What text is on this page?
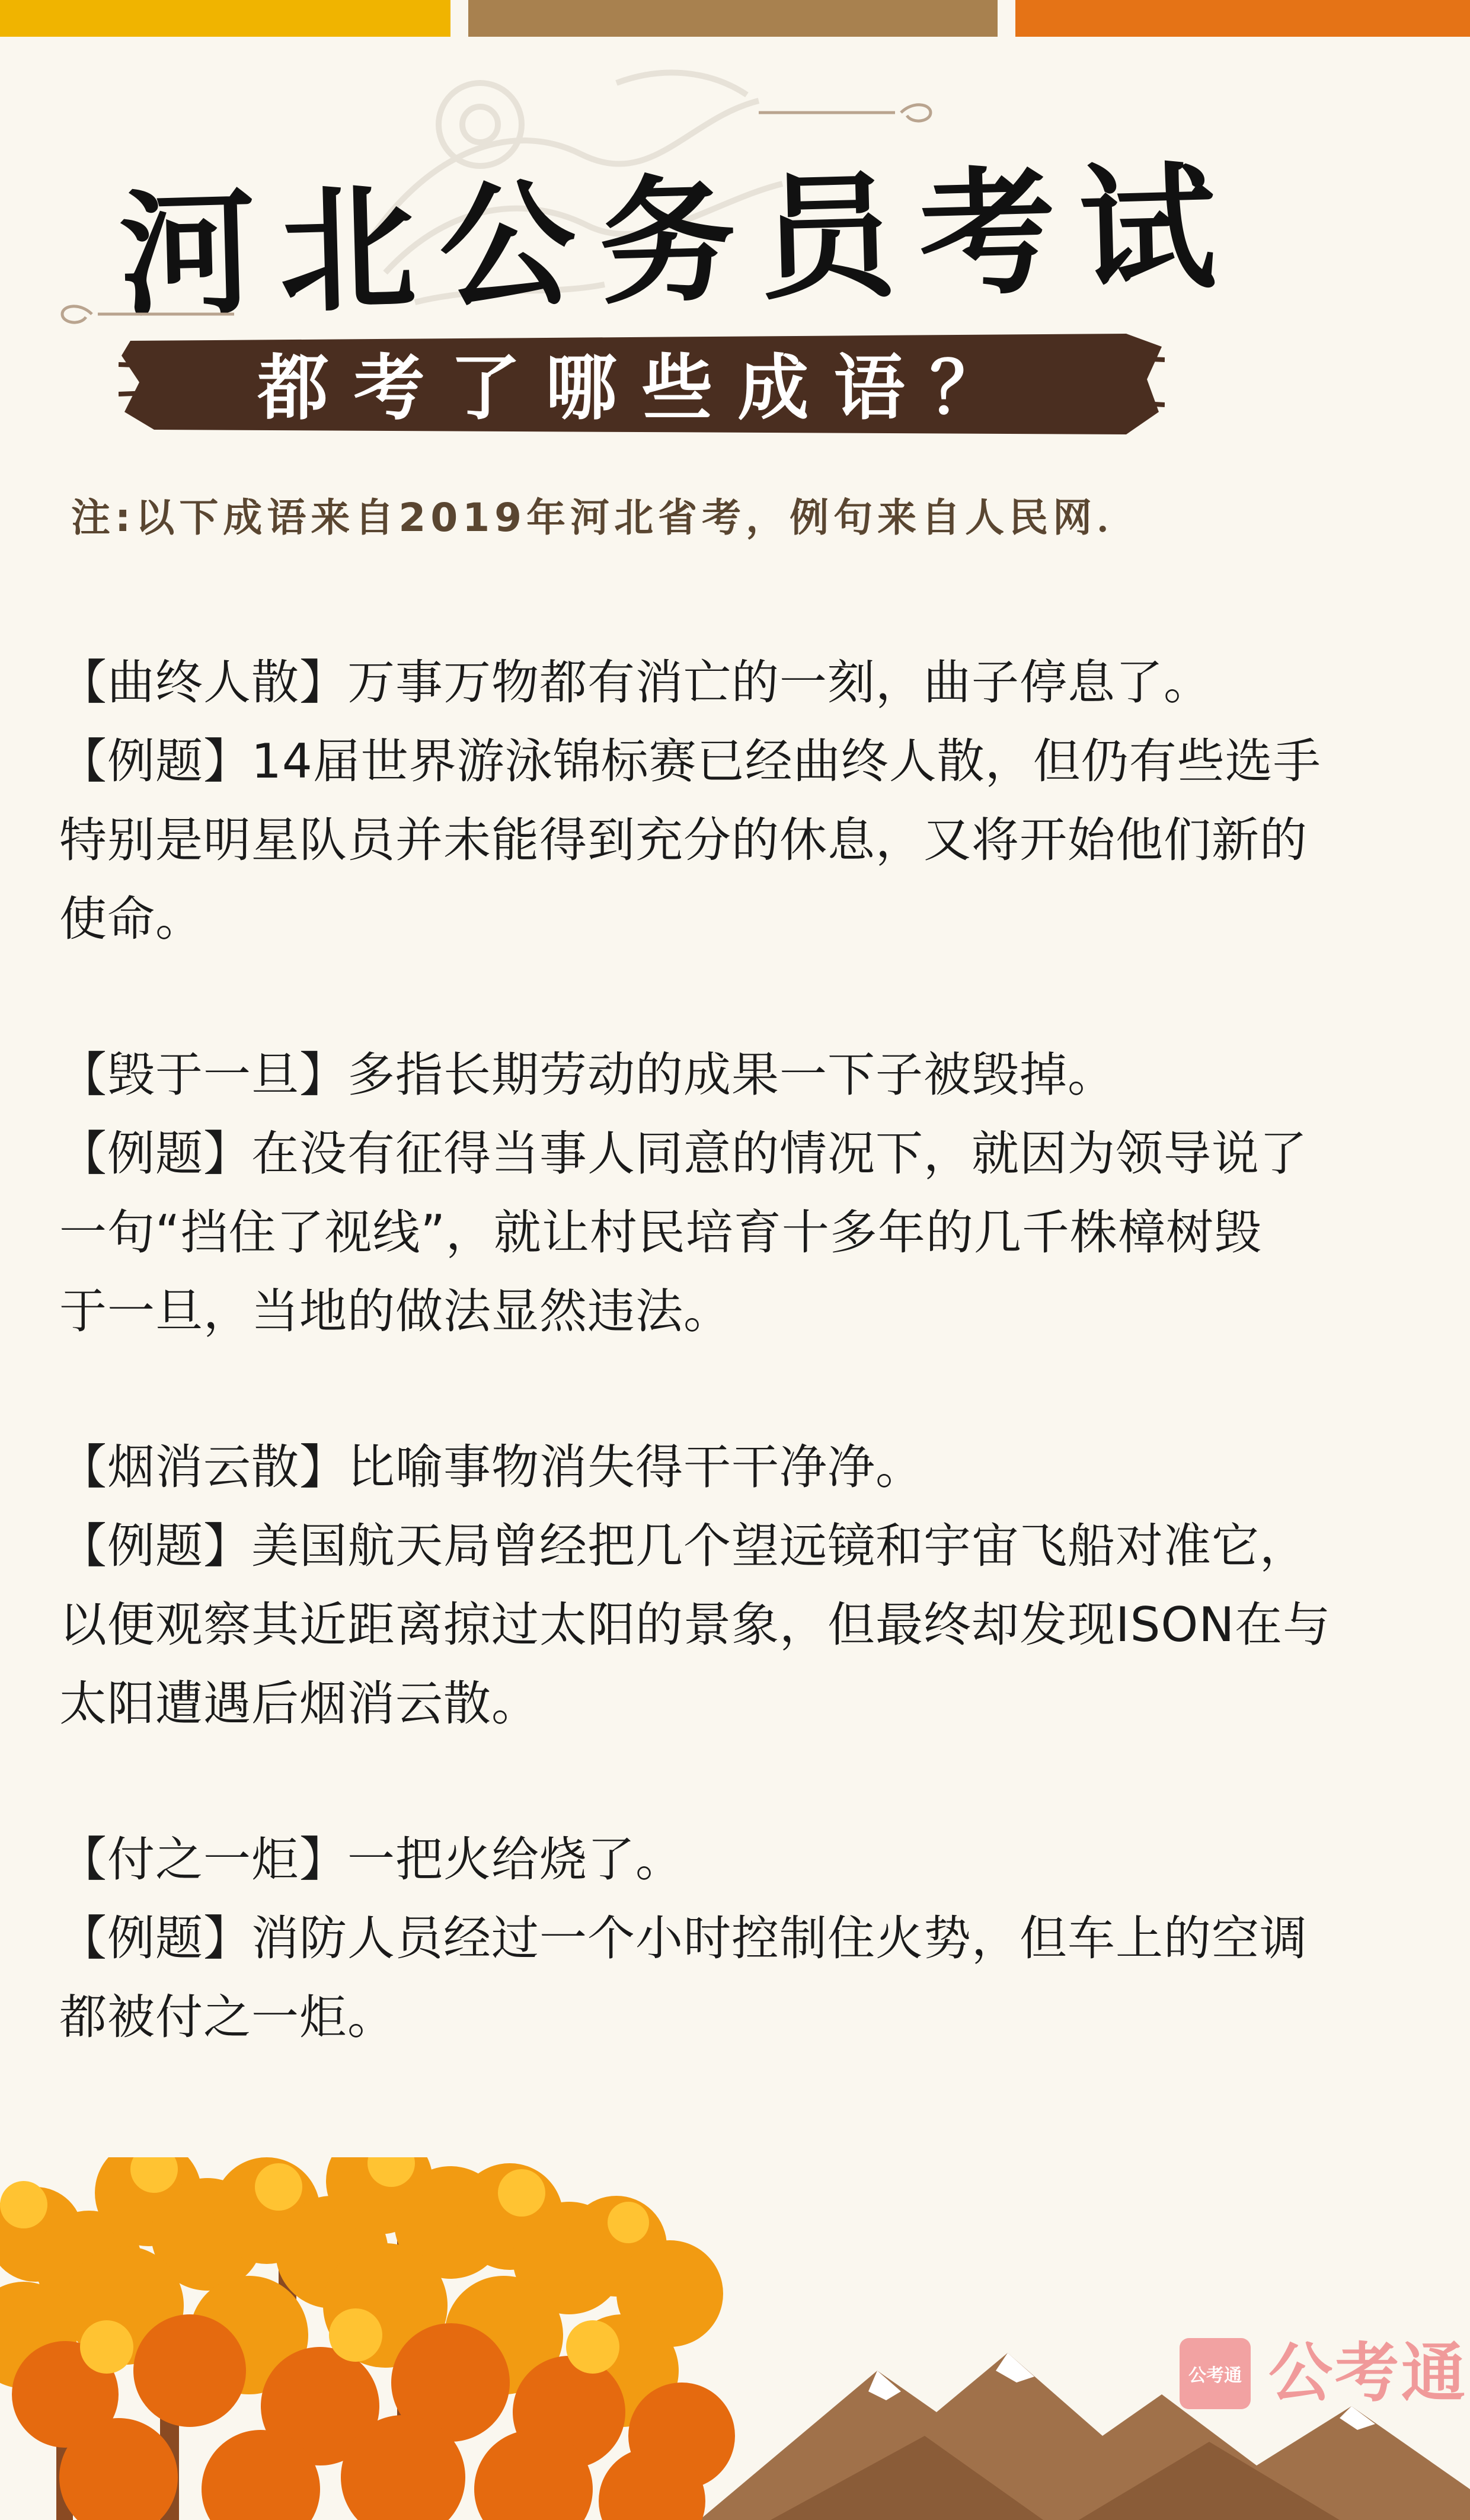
河北公务员考试
都考了哪些成语？
注:以下成语来自2019年河北省考，例句来自人民网．
【曲终人散】万事万物都有消亡的一刻，曲子停息了。
【例题】14届世界游泳锦标赛已经曲终人散，但仍有些选手
特别是明星队员并未能得到充分的休息，又将开始他们新的
使命。
【毁于一旦】多指长期劳动的成果一下子被毁掉。
【例题】在没有征得当事人同意的情况下，就因为领导说了
一句“挡住了视线”，就让村民培育十多年的几千株樟树毁
于一旦，当地的做法显然违法。
【烟消云散】比喻事物消失得干干净净。
【例题】美国航天局曾经把几个望远镜和宇宙飞船对准它，
以便观察其近距离掠过太阳的景象，但最终却发现ISON在与
太阳遭遇后烟消云散。
【付之一炬】一把火给烧了。
【例题】消防人员经过一个小时控制住火势，但车上的空调
都被付之一炬。
公考通 公考通
